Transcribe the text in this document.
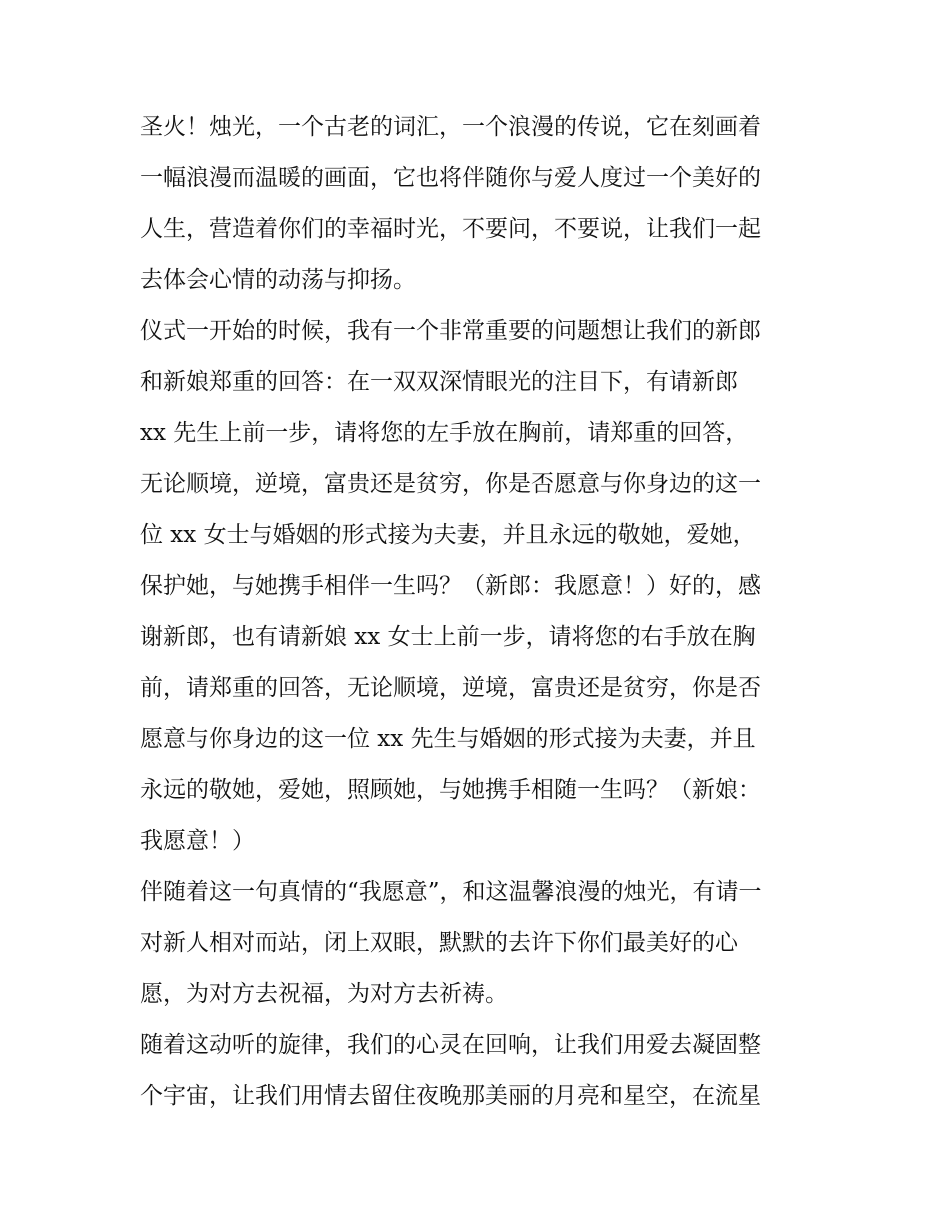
圣火！烛光，一个古老的词汇，一个浪漫的传说，它在刻画着
一幅浪漫而温暖的画面，它也将伴随你与爱人度过一个美好的
人生，营造着你们的幸福时光，不要问，不要说，让我们一起
去体会心情的动荡与抑扬。
仪式一开始的时候，我有一个非常重要的问题想让我们的新郎
和新娘郑重的回答：在一双双深情眼光的注目下，有请新郎
xx 先生上前一步，请将您的左手放在胸前，请郑重的回答，
无论顺境，逆境，富贵还是贫穷，你是否愿意与你身边的这一
位 xx 女士与婚姻的形式接为夫妻，并且永远的敬她，爱她，
保护她，与她携手相伴一生吗？（新郎：我愿意！）好的，感
谢新郎，也有请新娘 xx 女士上前一步，请将您的右手放在胸
前，请郑重的回答，无论顺境，逆境，富贵还是贫穷，你是否
愿意与你身边的这一位 xx 先生与婚姻的形式接为夫妻，并且
永远的敬她，爱她，照顾她，与她携手相随一生吗？（新娘：
我愿意！）
伴随着这一句真情的“我愿意”，和这温馨浪漫的烛光，有请一
对新人相对而站，闭上双眼，默默的去许下你们最美好的心
愿，为对方去祝福，为对方去祈祷。
随着这动听的旋律，我们的心灵在回响，让我们用爱去凝固整
个宇宙，让我们用情去留住夜晚那美丽的月亮和星空，在流星
